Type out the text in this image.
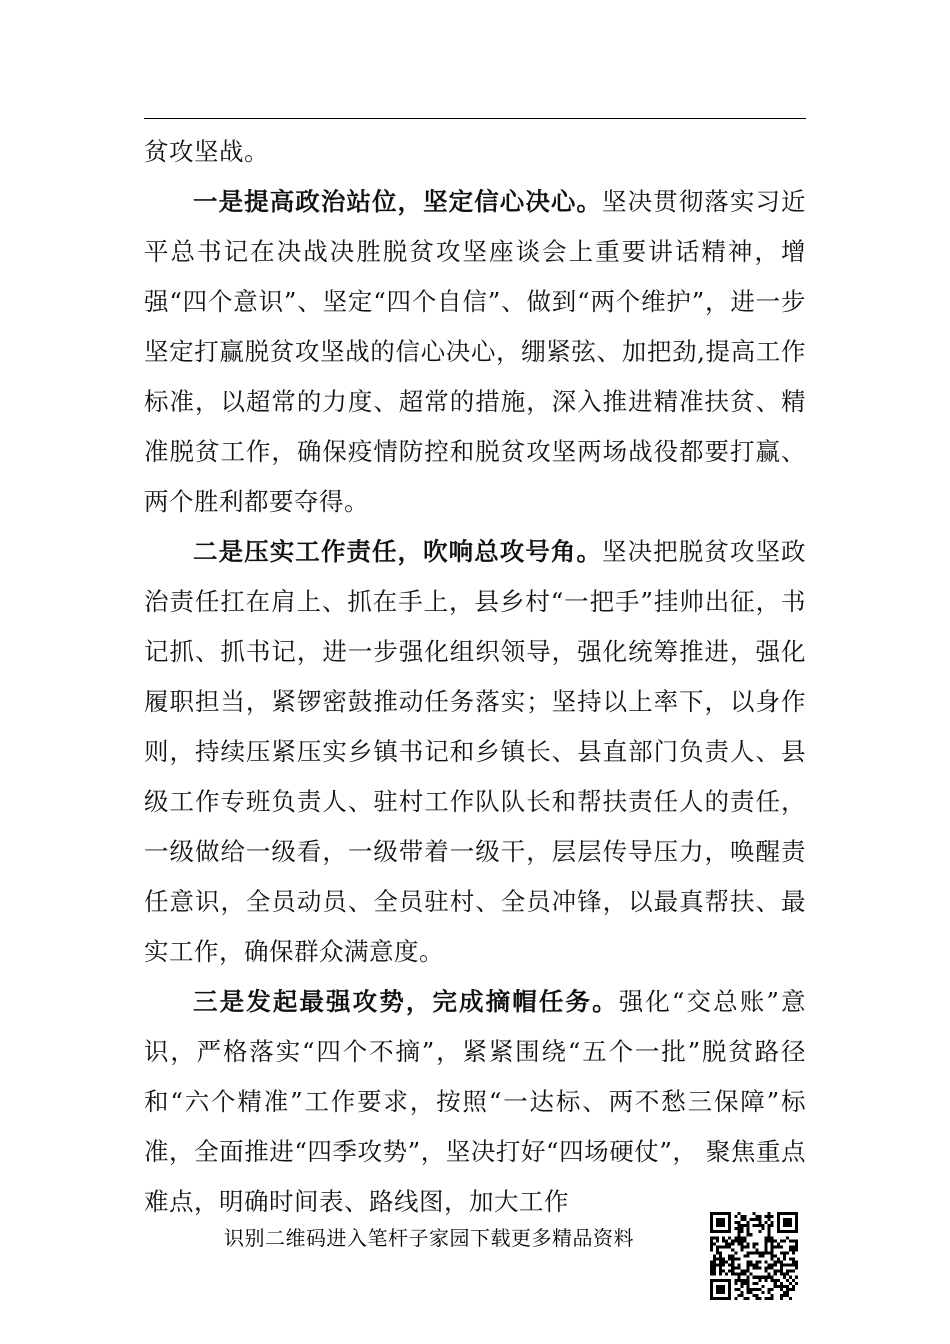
贫攻坚战。

一是提高政治站位，坚定信心决心。坚决贯彻落实习近平总书记在决战决胜脱贫攻坚座谈会上重要讲话精神，增强“四个意识”、坚定“四个自信”、做到“两个维护”，进一步坚定打赢脱贫攻坚战的信心决心，绷紧弦、加把劲,提高工作标准，以超常的力度、超常的措施，深入推进精准扶贫、精准脱贫工作，确保疫情防控和脱贫攻坚两场战役都要打赢、两个胜利都要夺得。

二是压实工作责任，吹响总攻号角。坚决把脱贫攻坚政治责任扛在肩上、抓在手上，县乡村“一把手”挂帅出征，书记抓、抓书记，进一步强化组织领导，强化统筹推进，强化履职担当，紧锣密鼓推动任务落实；坚持以上率下，以身作则，持续压紧压实乡镇书记和乡镇长、县直部门负责人、县级工作专班负责人、驻村工作队队长和帮扶责任人的责任，一级做给一级看，一级带着一级干，层层传导压力，唤醒责任意识，全员动员、全员驻村、全员冲锋，以最真帮扶、最实工作，确保群众满意度。

三是发起最强攻势，完成摘帽任务。强化“交总账”意识，严格落实“四个不摘”，紧紧围绕“五个一批”脱贫路径和“六个精准”工作要求，按照“一达标、两不愁三保障”标准，全面推进“四季攻势”，坚决打好“四场硬仗”， 聚焦重点难点，明确时间表、路线图，加大工作

识别二维码进入笔杆子家园下载更多精品资料
